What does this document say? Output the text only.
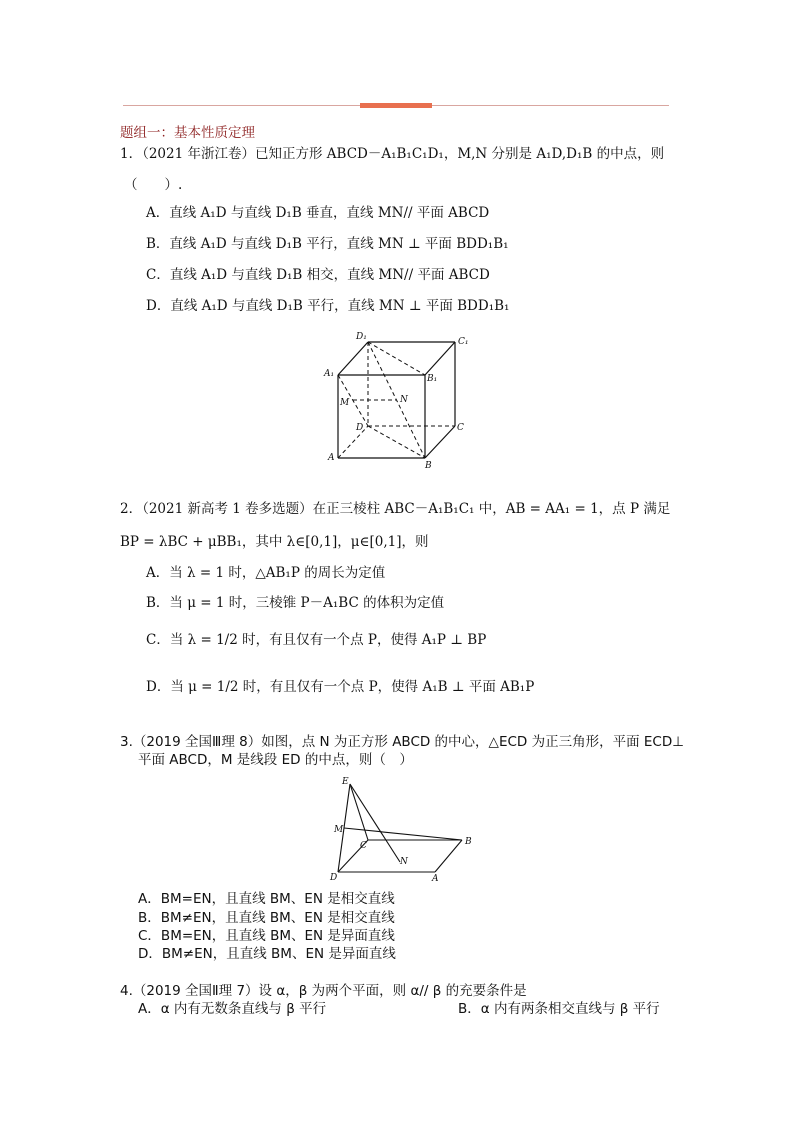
题组一：基本性质定理
1．（2021 年浙江卷）已知正方形 ABCD－A₁B₁C₁D₁，M,N 分别是 A₁D,D₁B 的中点，则
（　　）.
A．直线 A₁D 与直线 D₁B 垂直，直线 MN// 平面 ABCD
B．直线 A₁D 与直线 D₁B 平行，直线 MN ⊥ 平面 BDD₁B₁
C．直线 A₁D 与直线 D₁B 相交，直线 MN// 平面 ABCD
D．直线 A₁D 与直线 D₁B 平行，直线 MN ⊥ 平面 BDD₁B₁
D₁	C₁
A₁	B₁
M	N
D	C
A
B
2．（2021 新高考 1 卷多选题）在正三棱柱 ABC－A₁B₁C₁ 中，AB = AA₁ = 1，点 P 满足
BP = λBC + μBB₁，其中 λ∈[0,1]，μ∈[0,1]，则
A．当 λ = 1 时，△AB₁P 的周长为定值
B．当 μ = 1 时，三棱锥 P－A₁BC 的体积为定值
C．当 λ = 1/2 时，有且仅有一个点 P，使得 A₁P ⊥ BP
D．当 μ = 1/2 时，有且仅有一个点 P，使得 A₁B ⊥ 平面 AB₁P
3.（2019 全国Ⅲ理 8）如图，点 N 为正方形 ABCD 的中心，△ECD 为正三角形，平面 ECD⊥
平面 ABCD，M 是线段 ED 的中点，则（　）
E
M
C
N
B
D	A
A．BM=EN，且直线 BM、EN 是相交直线
B．BM≠EN，且直线 BM、EN 是相交直线
C．BM=EN，且直线 BM、EN 是异面直线
D．BM≠EN，且直线 BM、EN 是异面直线
4.（2019 全国Ⅱ理 7）设 α，β 为两个平面，则 α// β 的充要条件是
A．α 内有无数条直线与 β 平行	B．α 内有两条相交直线与 β 平行
